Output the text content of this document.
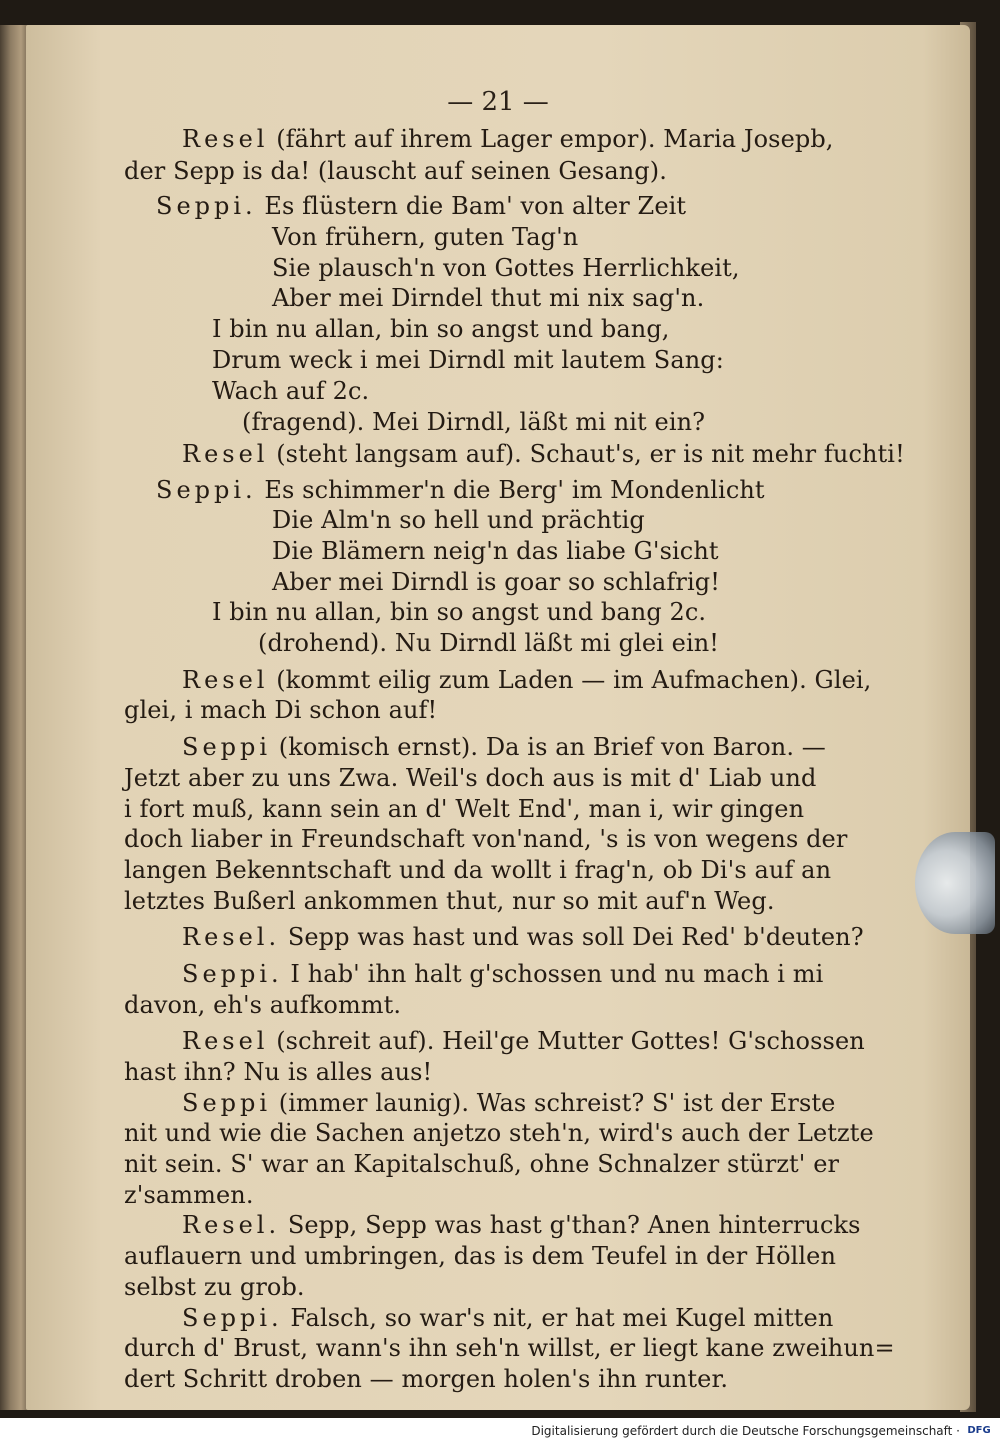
— 21 —
Resel (fährt auf ihrem Lager empor). Maria Josepb,
der Sepp is da! (lauscht auf seinen Gesang).
Seppi. Es flüstern die Bam' von alter Zeit
Von frühern, guten Tag'n
Sie plausch'n von Gottes Herrlichkeit,
Aber mei Dirndel thut mi nix sag'n.
I bin nu allan, bin so angst und bang,
Drum weck i mei Dirndl mit lautem Sang:
Wach auf 2c.
(fragend). Mei Dirndl, läßt mi nit ein?
Resel (steht langsam auf). Schaut's, er is nit mehr fuchti!
Seppi. Es schimmer'n die Berg' im Mondenlicht
Die Alm'n so hell und prächtig
Die Blämern neig'n das liabe G'sicht
Aber mei Dirndl is goar so schlafrig!
I bin nu allan, bin so angst und bang 2c.
(drohend). Nu Dirndl läßt mi glei ein!
Resel (kommt eilig zum Laden — im Aufmachen). Glei,
glei, i mach Di schon auf!
Seppi (komisch ernst). Da is an Brief von Baron. —
Jetzt aber zu uns Zwa. Weil's doch aus is mit d' Liab und
i fort muß, kann sein an d' Welt End', man i, wir gingen
doch liaber in Freundschaft von'nand, 's is von wegens der
langen Bekenntschaft und da wollt i frag'n, ob Di's auf an
letztes Bußerl ankommen thut, nur so mit auf'n Weg.
Resel. Sepp was hast und was soll Dei Red' b'deuten?
Seppi. I hab' ihn halt g'schossen und nu mach i mi
davon, eh's aufkommt.
Resel (schreit auf). Heil'ge Mutter Gottes! G'schossen
hast ihn? Nu is alles aus!
Seppi (immer launig). Was schreist? S' ist der Erste
nit und wie die Sachen anjetzo steh'n, wird's auch der Letzte
nit sein. S' war an Kapitalschuß, ohne Schnalzer stürzt' er
z'sammen.
Resel. Sepp, Sepp was hast g'than? Anen hinterrucks
auflauern und umbringen, das is dem Teufel in der Höllen
selbst zu grob.
Seppi. Falsch, so war's nit, er hat mei Kugel mitten
durch d' Brust, wann's ihn seh'n willst, er liegt kane zweihun=
dert Schritt droben — morgen holen's ihn runter.
Digitalisierung gefördert durch die Deutsche Forschungsgemeinschaft · DFG
